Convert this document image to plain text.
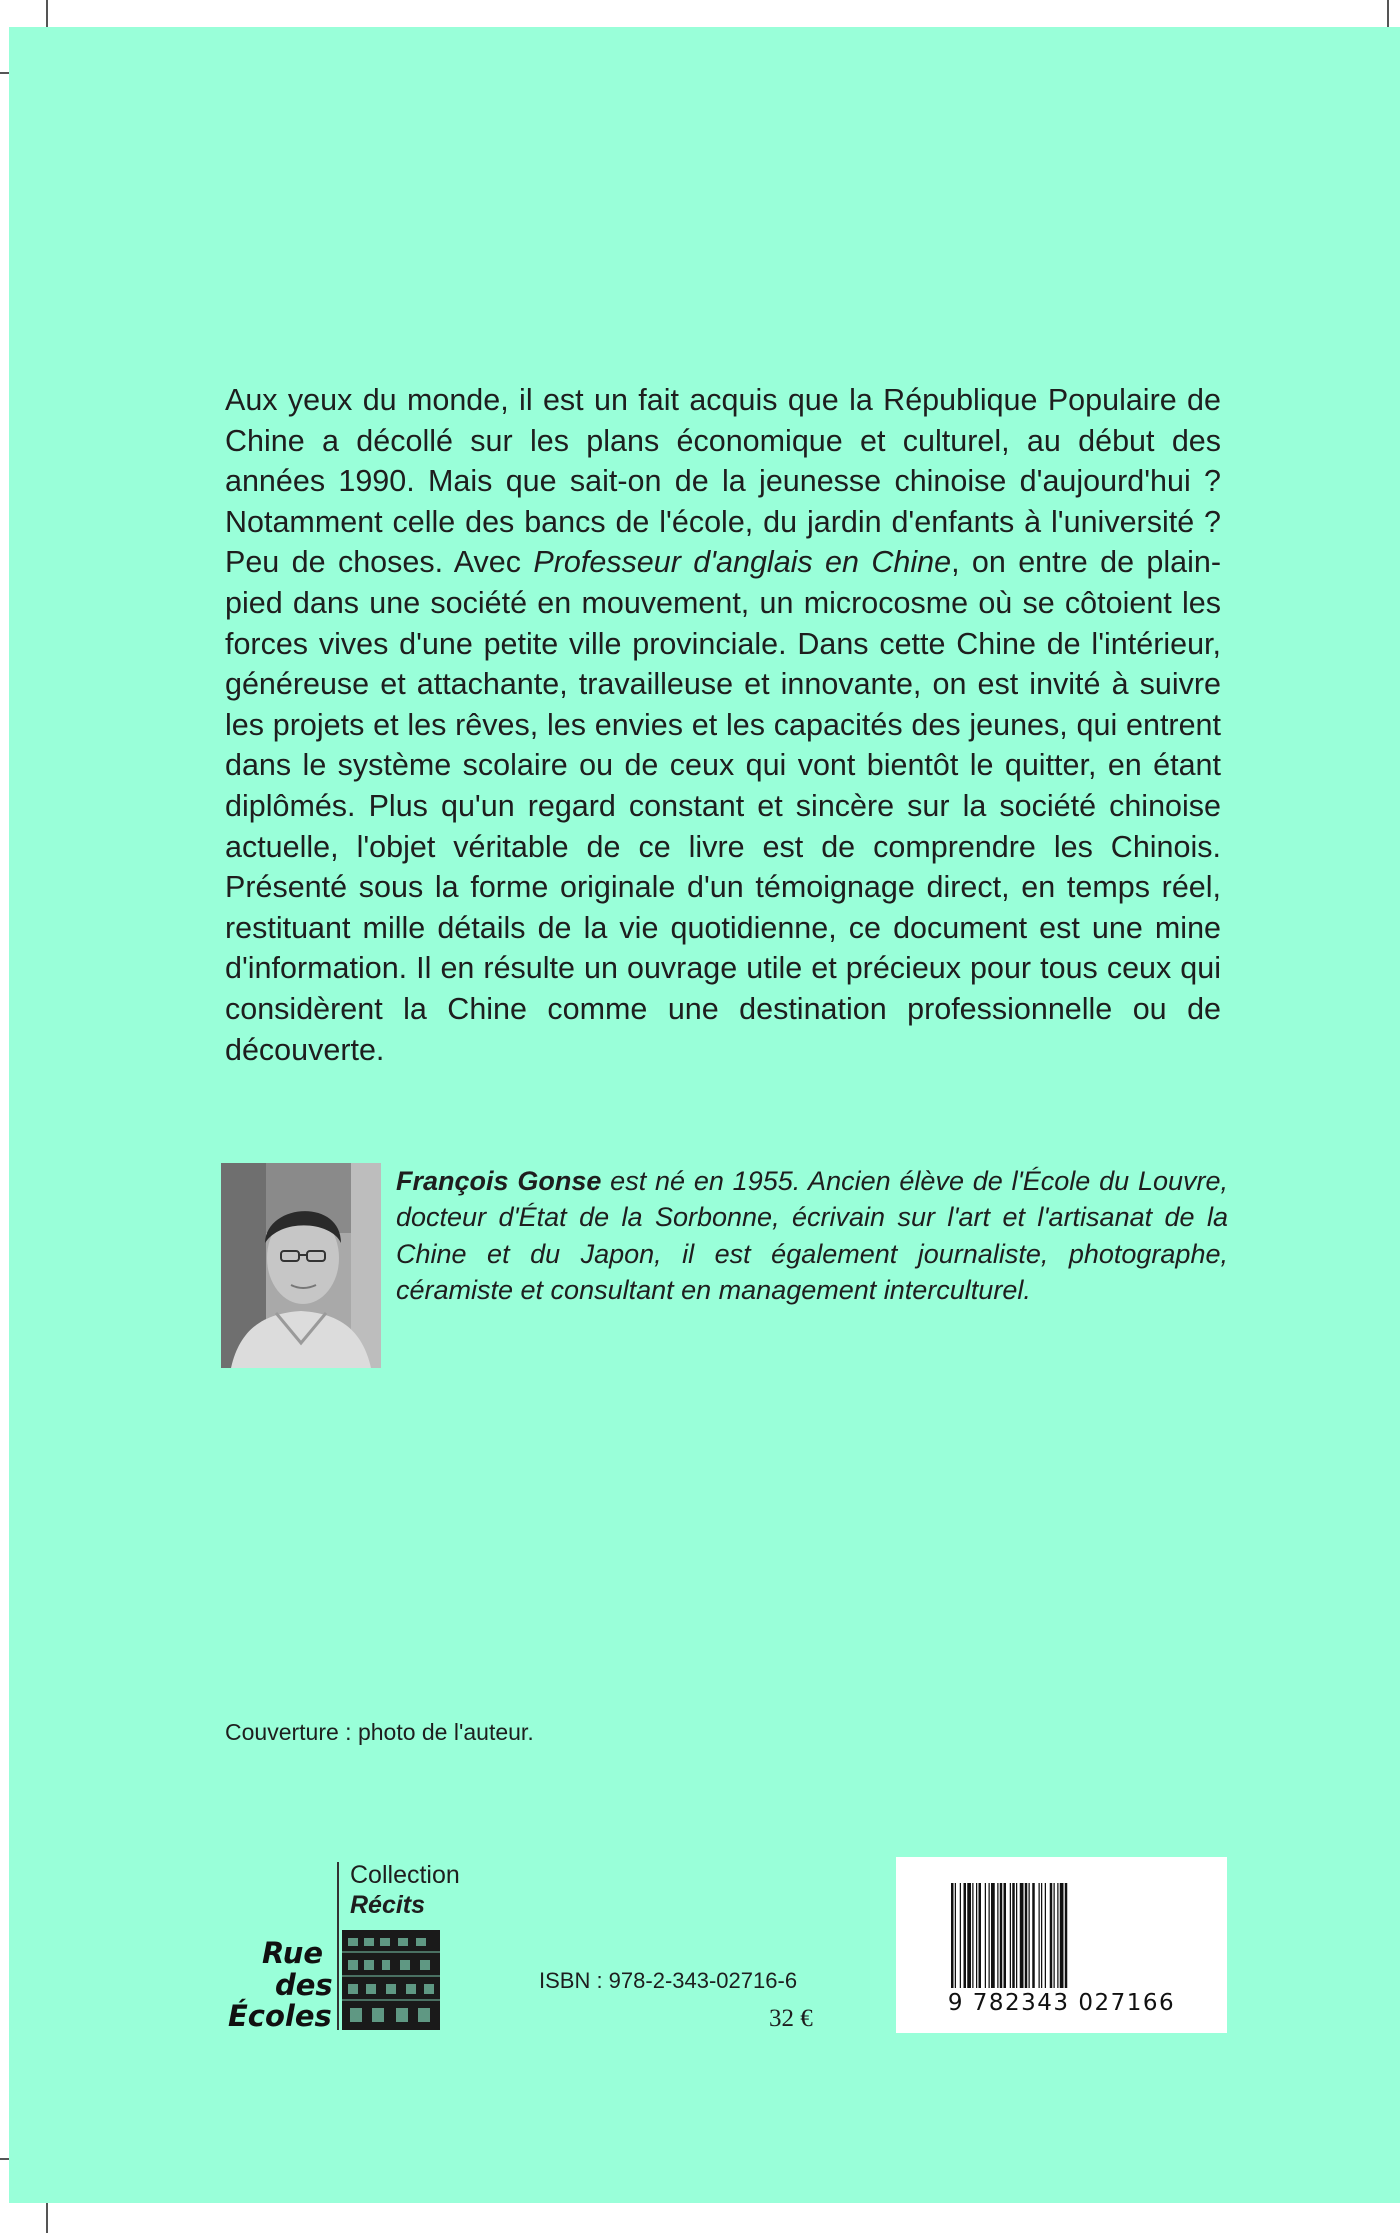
Aux yeux du monde, il est un fait acquis que la République Populaire de Chine a décollé sur les plans économique et culturel, au début des années 1990. Mais que sait-on de la jeunesse chinoise d'aujourd'hui ? Notamment celle des bancs de l'école, du jardin d'enfants à l'université ? Peu de choses. Avec Professeur d'anglais en Chine, on entre de plain-pied dans une société en mouvement, un microcosme où se côtoient les forces vives d'une petite ville provinciale. Dans cette Chine de l'intérieur, généreuse et attachante, travailleuse et innovante, on est invité à suivre les projets et les rêves, les envies et les capacités des jeunes, qui entrent dans le système scolaire ou de ceux qui vont bientôt le quitter, en étant diplômés. Plus qu'un regard constant et sincère sur la société chinoise actuelle, l'objet véritable de ce livre est de comprendre les Chinois. Présenté sous la forme originale d'un témoignage direct, en temps réel, restituant mille détails de la vie quotidienne, ce document est une mine d'information. Il en résulte un ouvrage utile et précieux pour tous ceux qui considèrent la Chine comme une destination professionnelle ou de découverte.
François Gonse est né en 1955. Ancien élève de l'École du Louvre, docteur d'État de la Sorbonne, écrivain sur l'art et l'artisanat de la Chine et du Japon, il est également journaliste, photographe, céramiste et consultant en management interculturel.
Couverture : photo de l'auteur.
Collection
Récits
Rue
des
Écoles
ISBN : 978-2-343-02716-6
32 €
9 782343 027166
